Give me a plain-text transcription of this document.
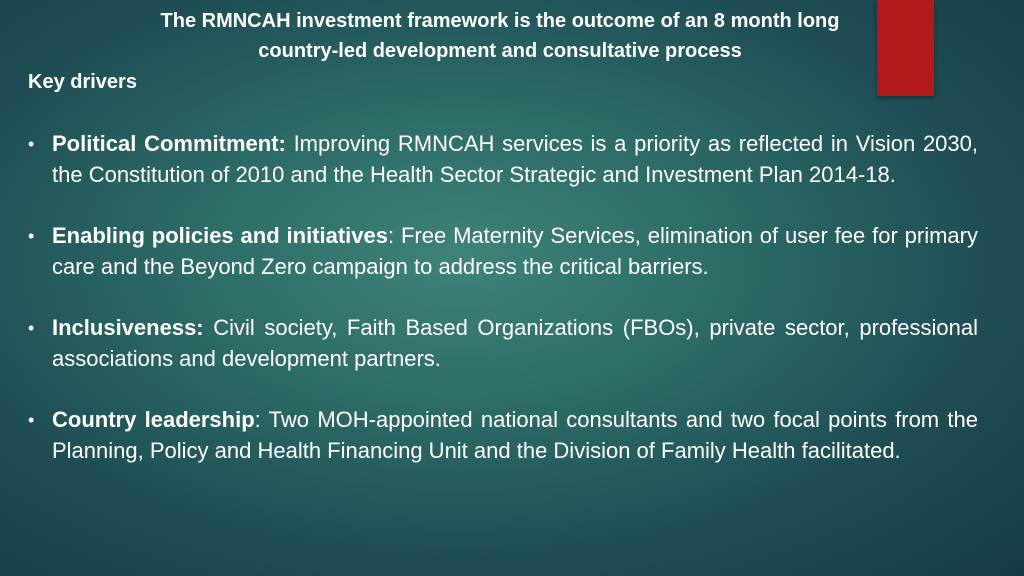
The RMNCAH investment framework is the outcome of an 8 month long
country-led development and consultative process
Key drivers
• Political Commitment: Improving RMNCAH services is a priority as reflected in Vision 2030, the Constitution of 2010 and the Health Sector Strategic and Investment Plan 2014-18.
• Enabling policies and initiatives: Free Maternity Services, elimination of user fee for primary care and the Beyond Zero campaign to address the critical barriers.
• Inclusiveness: Civil society, Faith Based Organizations (FBOs), private sector, professional associations and development partners.
• Country leadership: Two MOH-appointed national consultants and two focal points from the Planning, Policy and Health Financing Unit and the Division of Family Health facilitated.
